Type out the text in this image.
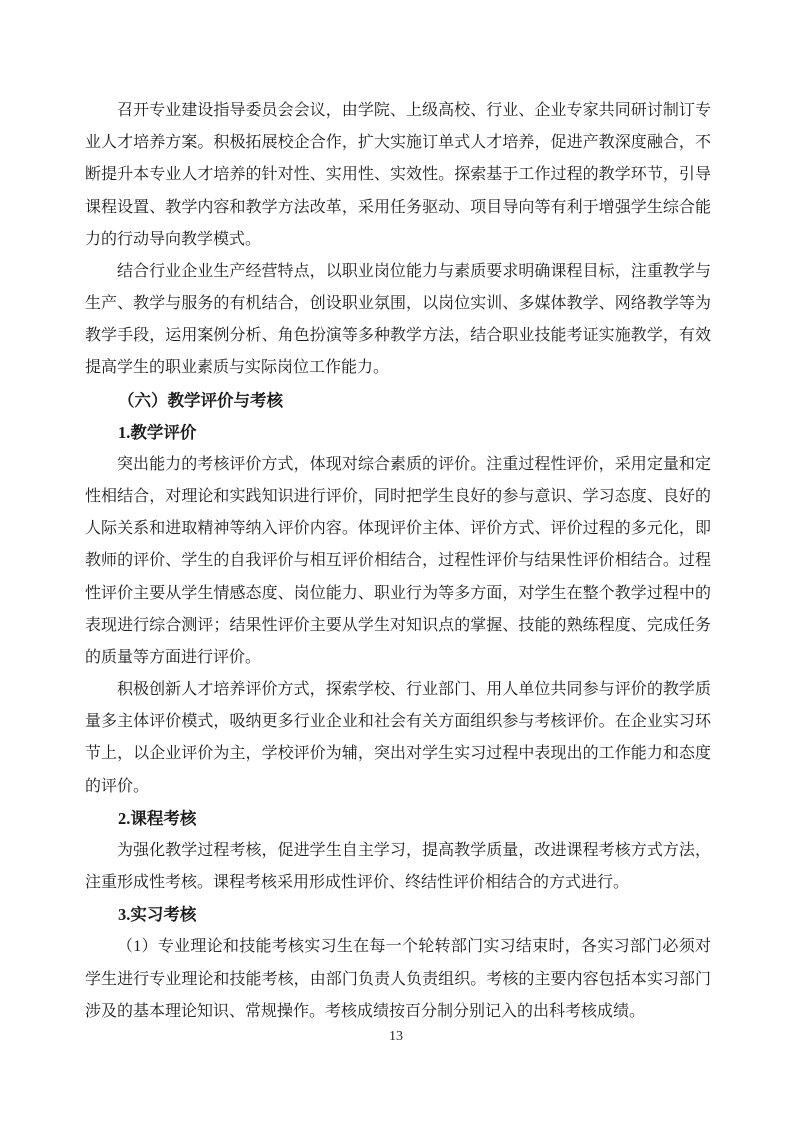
召开专业建设指导委员会会议，由学院、上级高校、行业、企业专家共同研讨制订专业人才培养方案。积极拓展校企合作，扩大实施订单式人才培养，促进产教深度融合，不断提升本专业人才培养的针对性、实用性、实效性。探索基于工作过程的教学环节，引导课程设置、教学内容和教学方法改革，采用任务驱动、项目导向等有利于增强学生综合能力的行动导向教学模式。

结合行业企业生产经营特点，以职业岗位能力与素质要求明确课程目标，注重教学与生产、教学与服务的有机结合，创设职业氛围，以岗位实训、多媒体教学、网络教学等为教学手段，运用案例分析、角色扮演等多种教学方法，结合职业技能考证实施教学，有效提高学生的职业素质与实际岗位工作能力。

（六）教学评价与考核
1.教学评价

突出能力的考核评价方式，体现对综合素质的评价。注重过程性评价，采用定量和定性相结合，对理论和实践知识进行评价，同时把学生良好的参与意识、学习态度、良好的人际关系和进取精神等纳入评价内容。体现评价主体、评价方式、评价过程的多元化，即教师的评价、学生的自我评价与相互评价相结合，过程性评价与结果性评价相结合。过程性评价主要从学生情感态度、岗位能力、职业行为等多方面，对学生在整个教学过程中的表现进行综合测评；结果性评价主要从学生对知识点的掌握、技能的熟练程度、完成任务的质量等方面进行评价。

积极创新人才培养评价方式，探索学校、行业部门、用人单位共同参与评价的教学质量多主体评价模式，吸纳更多行业企业和社会有关方面组织参与考核评价。在企业实习环节上，以企业评价为主，学校评价为辅，突出对学生实习过程中表现出的工作能力和态度的评价。

2.课程考核

为强化教学过程考核，促进学生自主学习，提高教学质量，改进课程考核方式方法，注重形成性考核。课程考核采用形成性评价、终结性评价相结合的方式进行。

3.实习考核

（1）专业理论和技能考核实习生在每一个轮转部门实习结束时，各实习部门必须对学生进行专业理论和技能考核，由部门负责人负责组织。考核的主要内容包括本实习部门涉及的基本理论知识、常规操作。考核成绩按百分制分别记入的出科考核成绩。

13
